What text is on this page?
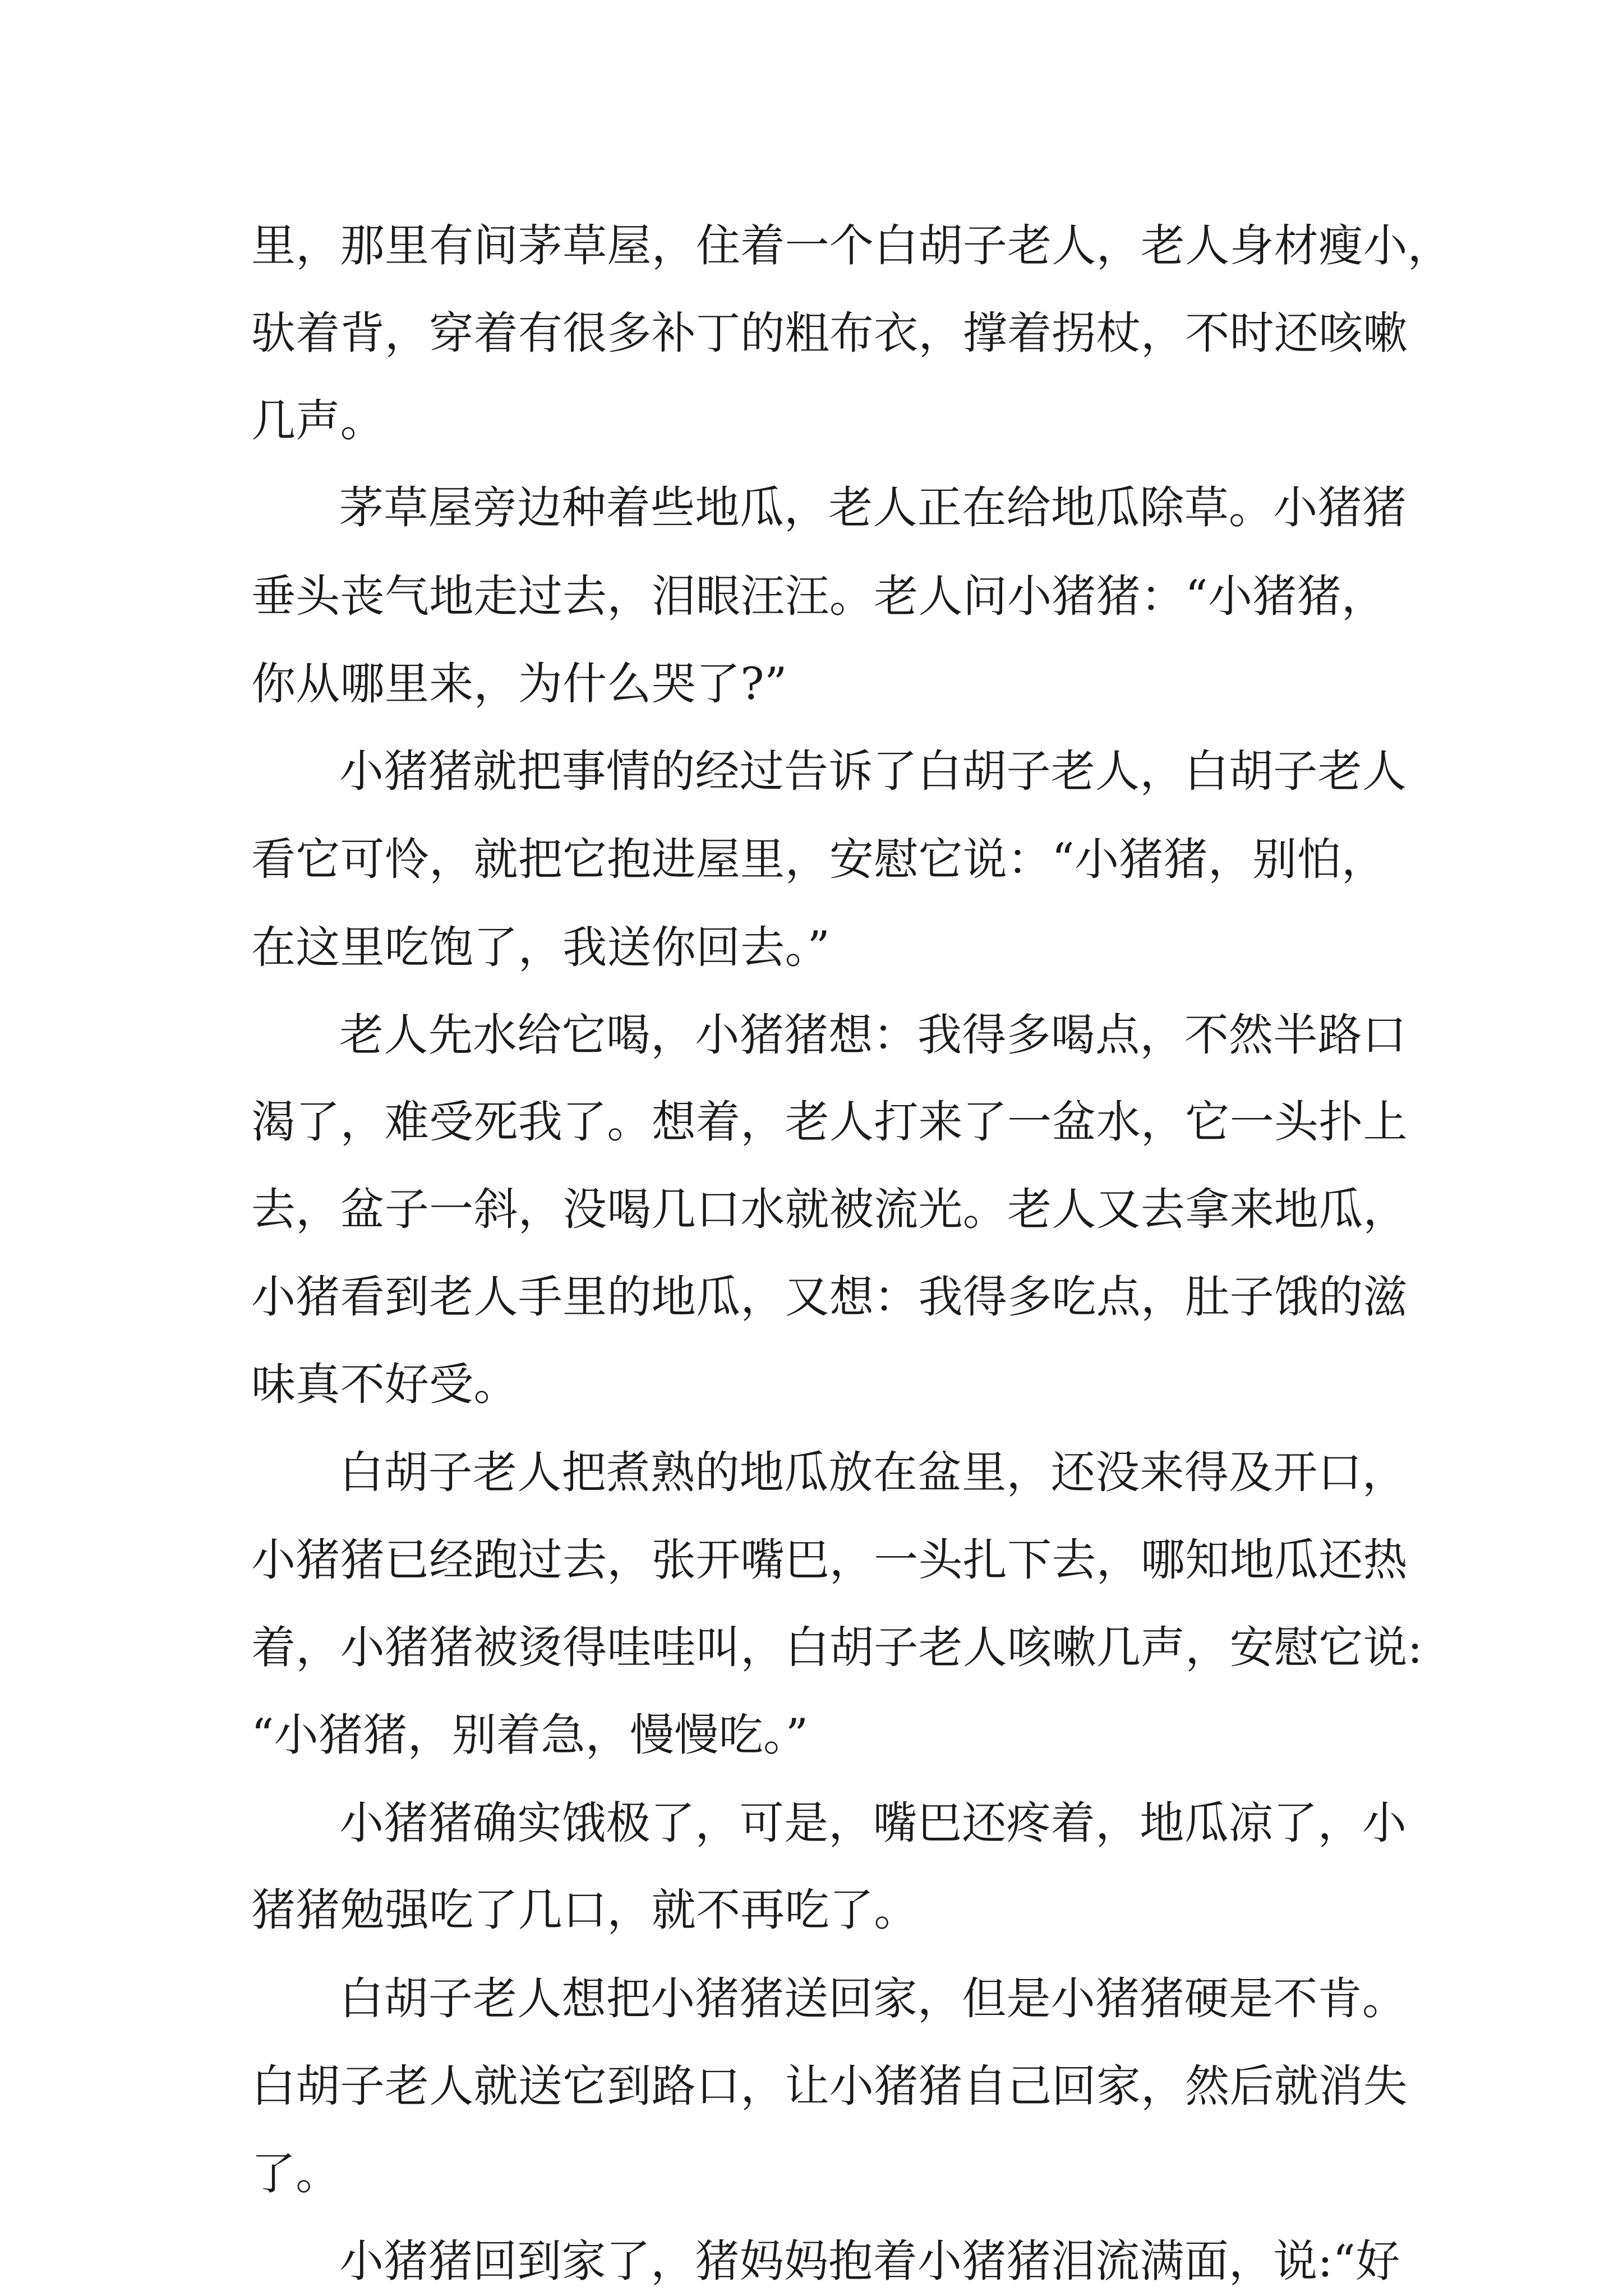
里，那里有间茅草屋，住着一个白胡子老人，老人身材瘦小，
驮着背，穿着有很多补丁的粗布衣，撑着拐杖，不时还咳嗽
几声。
茅草屋旁边种着些地瓜，老人正在给地瓜除草。小猪猪
垂头丧气地走过去，泪眼汪汪。老人问小猪猪：“小猪猪，
你从哪里来，为什么哭了?”
小猪猪就把事情的经过告诉了白胡子老人，白胡子老人
看它可怜，就把它抱进屋里，安慰它说：“小猪猪，别怕，
在这里吃饱了，我送你回去。”
老人先水给它喝，小猪猪想：我得多喝点，不然半路口
渴了，难受死我了。想着，老人打来了一盆水，它一头扑上
去，盆子一斜，没喝几口水就被流光。老人又去拿来地瓜，
小猪看到老人手里的地瓜，又想：我得多吃点，肚子饿的滋
味真不好受。
白胡子老人把煮熟的地瓜放在盆里，还没来得及开口，
小猪猪已经跑过去，张开嘴巴，一头扎下去，哪知地瓜还热
着，小猪猪被烫得哇哇叫，白胡子老人咳嗽几声，安慰它说:
“小猪猪，别着急，慢慢吃。”
小猪猪确实饿极了，可是，嘴巴还疼着，地瓜凉了，小
猪猪勉强吃了几口，就不再吃了。
白胡子老人想把小猪猪送回家，但是小猪猪硬是不肯。
白胡子老人就送它到路口，让小猪猪自己回家，然后就消失
了。
小猪猪回到家了，猪妈妈抱着小猪猪泪流满面，说:“好
